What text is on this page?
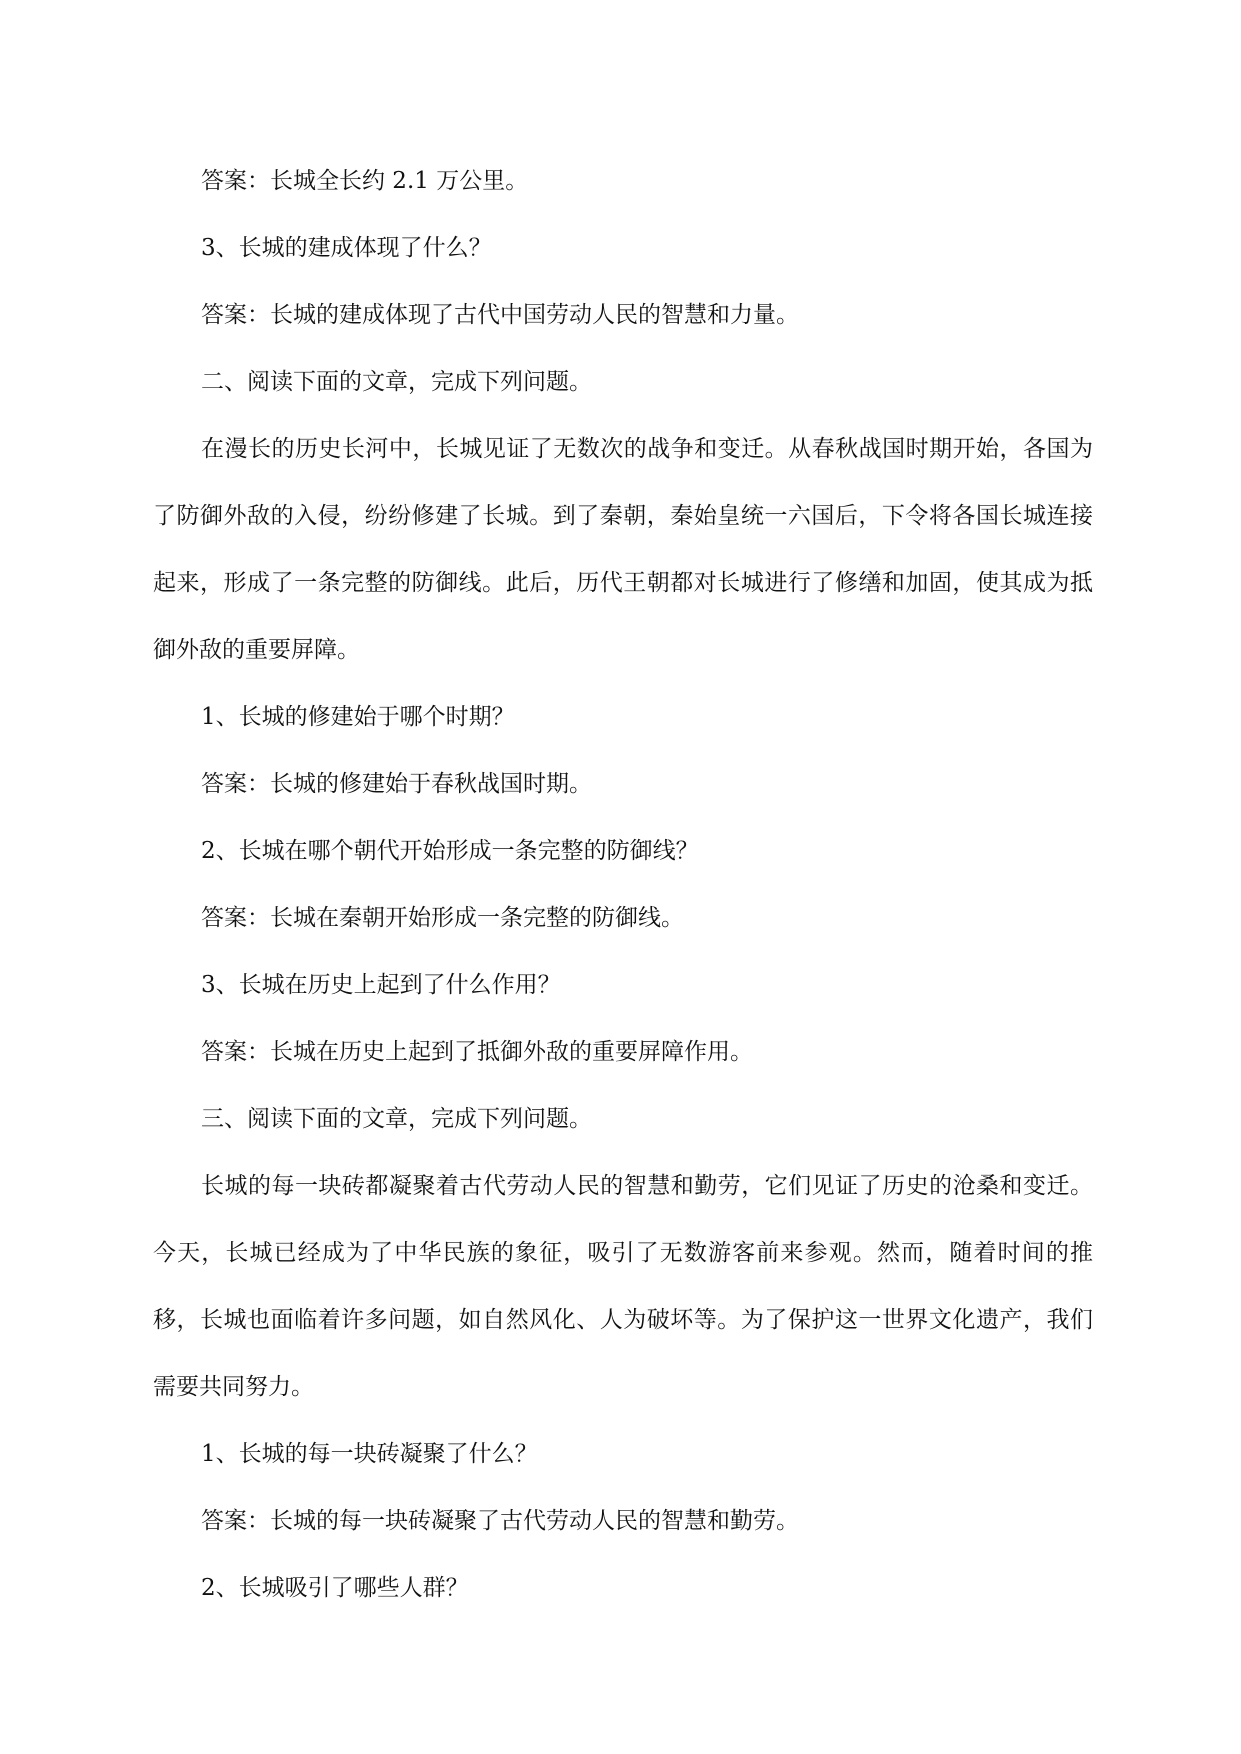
答案：长城全长约 2.1 万公里。

3、长城的建成体现了什么？

答案：长城的建成体现了古代中国劳动人民的智慧和力量。

二、阅读下面的文章，完成下列问题。

在漫长的历史长河中，长城见证了无数次的战争和变迁。从春秋战国时期开始，各国为了防御外敌的入侵，纷纷修建了长城。到了秦朝，秦始皇统一六国后，下令将各国长城连接起来，形成了一条完整的防御线。此后，历代王朝都对长城进行了修缮和加固，使其成为抵御外敌的重要屏障。

1、长城的修建始于哪个时期？

答案：长城的修建始于春秋战国时期。

2、长城在哪个朝代开始形成一条完整的防御线？

答案：长城在秦朝开始形成一条完整的防御线。

3、长城在历史上起到了什么作用？

答案：长城在历史上起到了抵御外敌的重要屏障作用。

三、阅读下面的文章，完成下列问题。

长城的每一块砖都凝聚着古代劳动人民的智慧和勤劳，它们见证了历史的沧桑和变迁。今天，长城已经成为了中华民族的象征，吸引了无数游客前来参观。然而，随着时间的推移，长城也面临着许多问题，如自然风化、人为破坏等。为了保护这一世界文化遗产，我们需要共同努力。

1、长城的每一块砖凝聚了什么？

答案：长城的每一块砖凝聚了古代劳动人民的智慧和勤劳。

2、长城吸引了哪些人群？
